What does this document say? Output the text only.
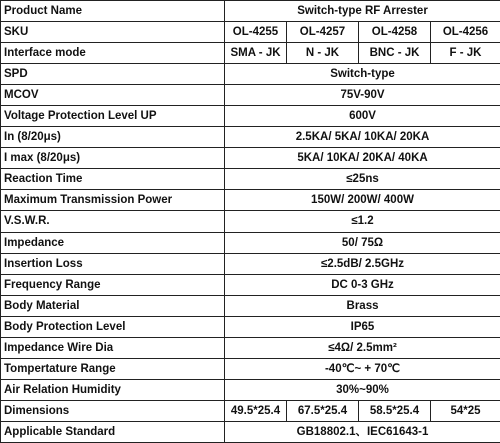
Product Name	Switch-type RF Arrester			
SKU	OL-4255	OL-4257	OL-4258	OL-4256
Interface mode	SMA - JK	N - JK	BNC - JK	F - JK
SPD	Switch-type			
MCOV	75V-90V			
Voltage Protection Level UP	600V			
In (8/20μs)	2.5KA/ 5KA/ 10KA/ 20KA			
I max (8/20μs)	5KA/ 10KA/ 20KA/ 40KA			
Reaction Time	≤25ns			
Maximum Transmission Power	150W/ 200W/ 400W			
V.S.W.R.	≤1.2			
Impedance	50/ 75Ω			
Insertion Loss	≤2.5dB/ 2.5GHz			
Frequency Range	DC 0-3 GHz			
Body Material	Brass			
Body Protection Level	IP65			
Impedance Wire Dia	≤4Ω/ 2.5mm²			
Tompertature Range	-40℃~ + 70℃			
Air Relation Humidity	30%~90%			
Dimensions	49.5*25.4	67.5*25.4	58.5*25.4	54*25
Applicable Standard	GB18802.1、IEC61643-1			
